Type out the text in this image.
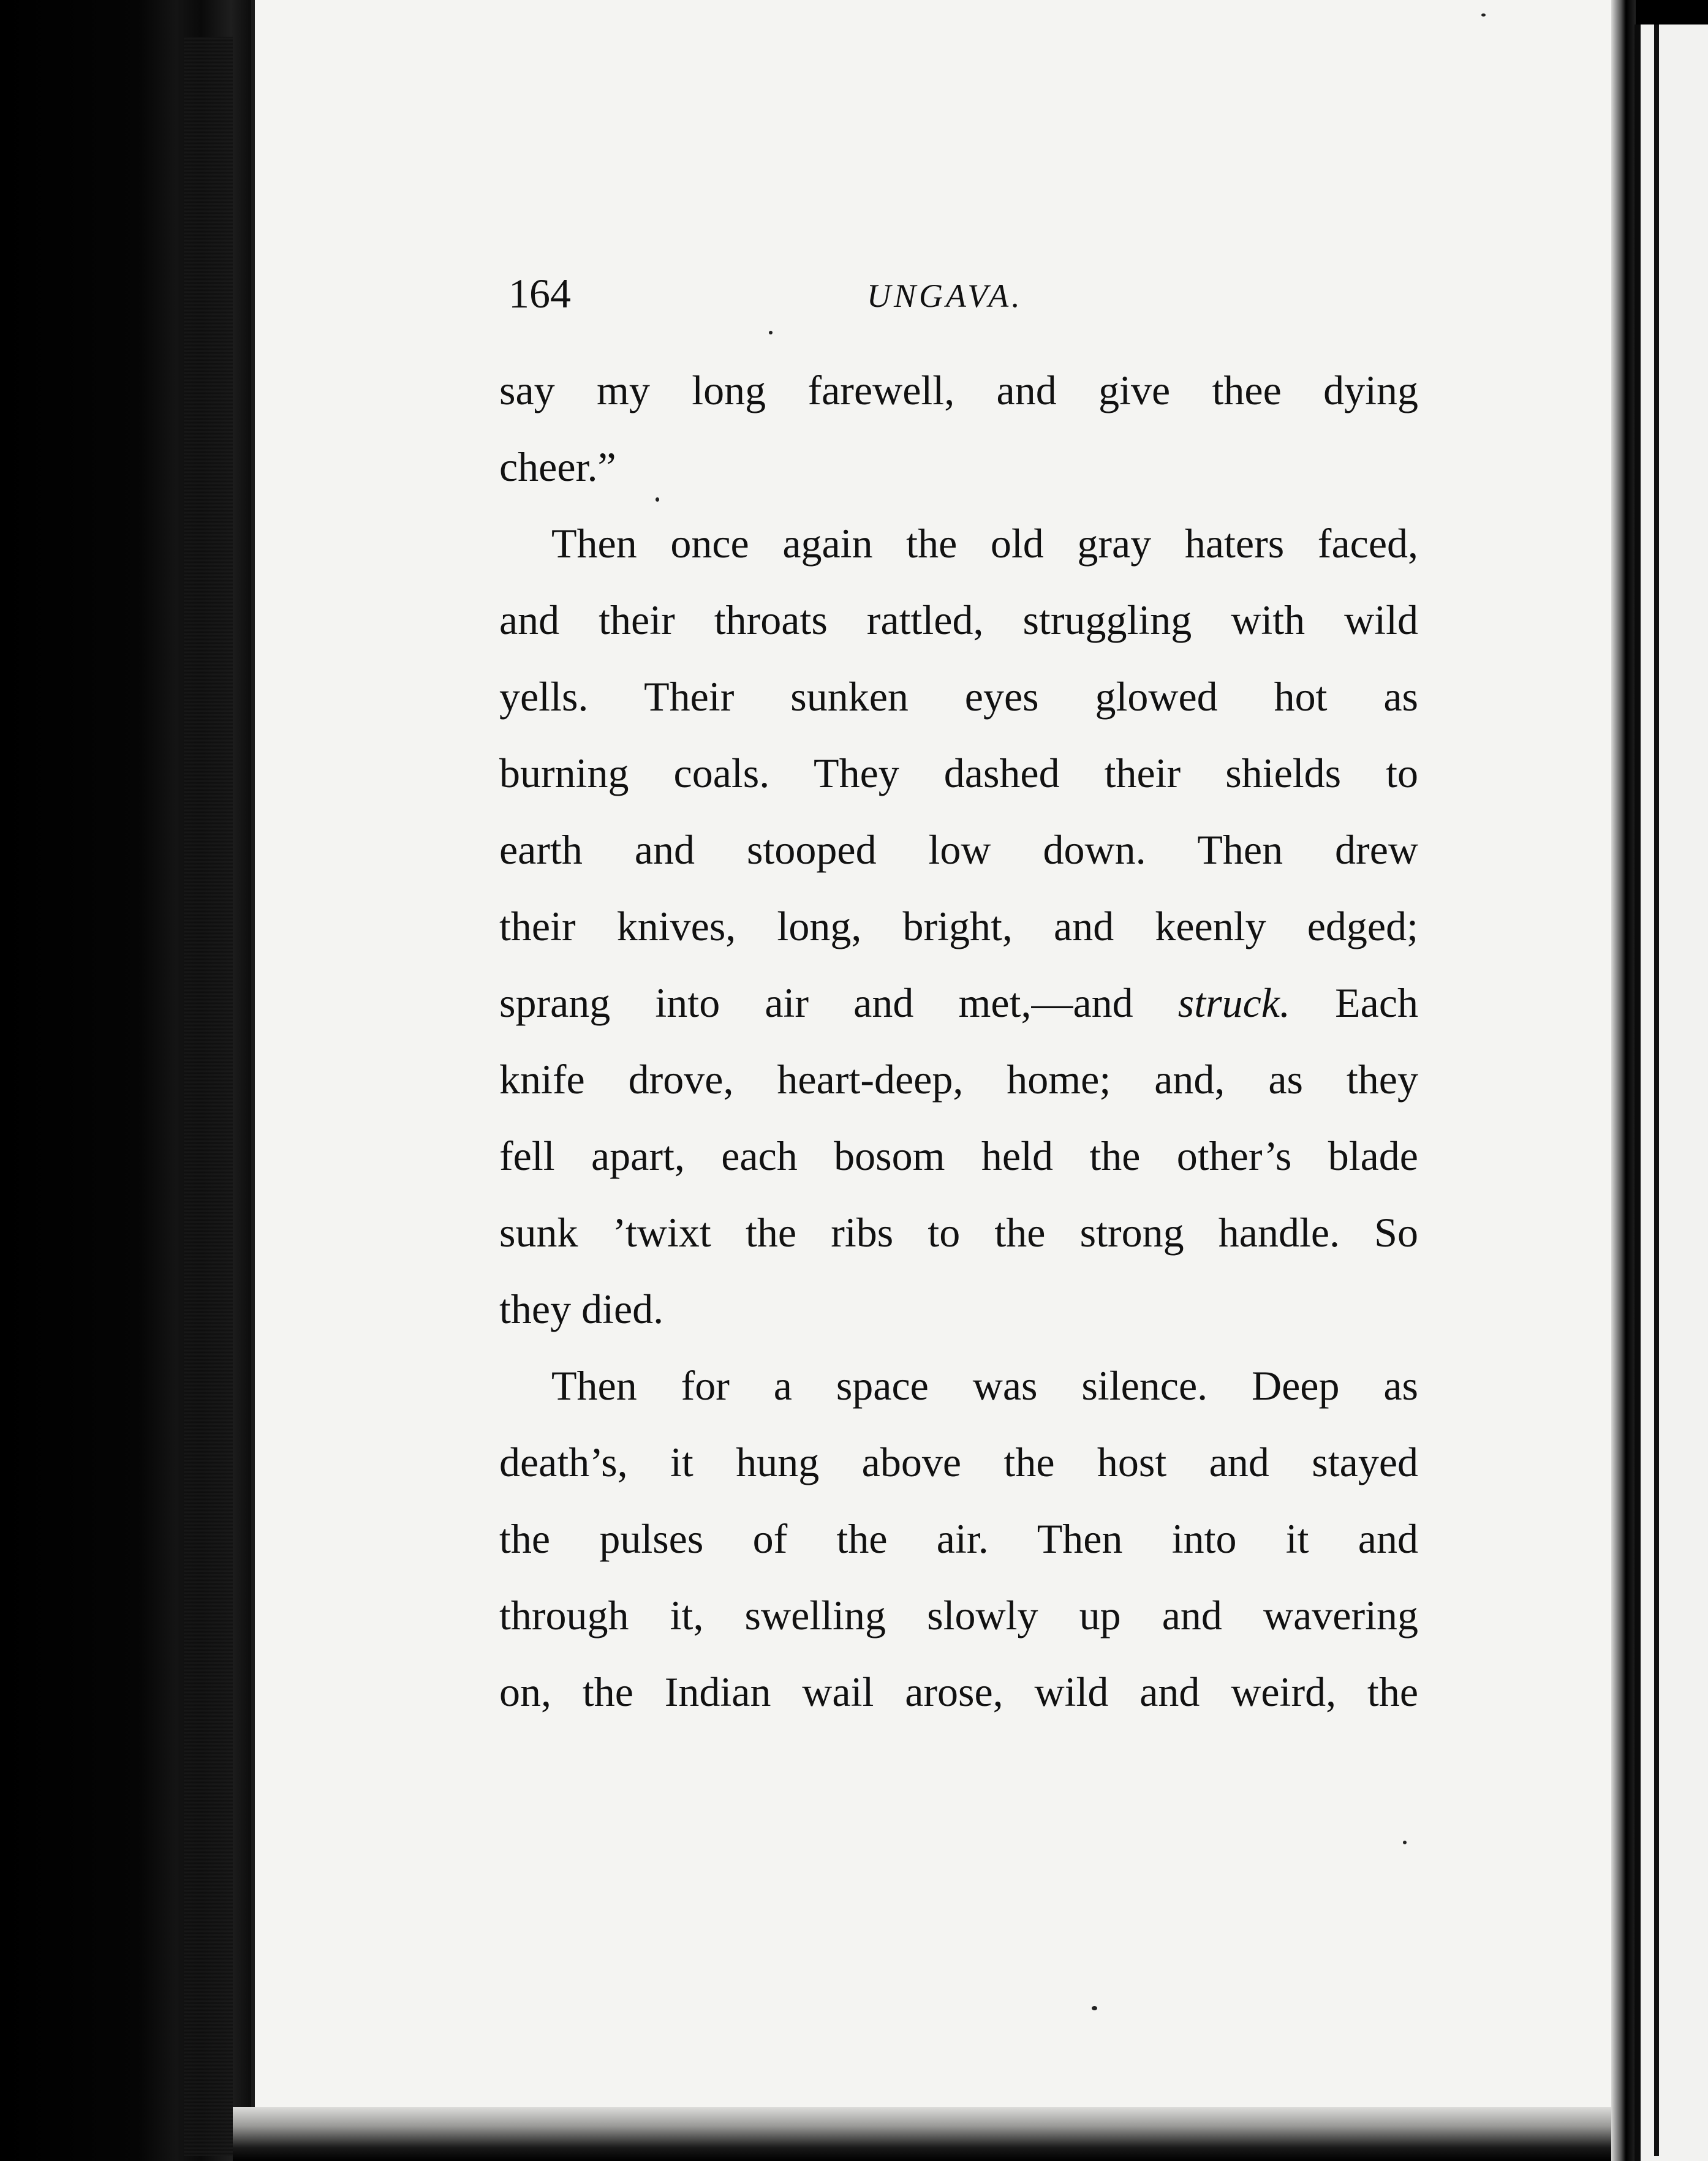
164	UNGAVA.
say my long farewell, and give thee dying
cheer.”
Then once again the old gray haters faced,
and their throats rattled, struggling with wild
yells. Their sunken eyes glowed hot as
burning coals. They dashed their shields to
earth and stooped low down. Then drew
their knives, long, bright, and keenly edged;
sprang into air and met,—and struck. Each
knife drove, heart-deep, home; and, as they
fell apart, each bosom held the other’s blade
sunk ’twixt the ribs to the strong handle. So
they died.
Then for a space was silence. Deep as
death’s, it hung above the host and stayed
the pulses of the air. Then into it and
through it, swelling slowly up and wavering
on, the Indian wail arose, wild and weird, the
